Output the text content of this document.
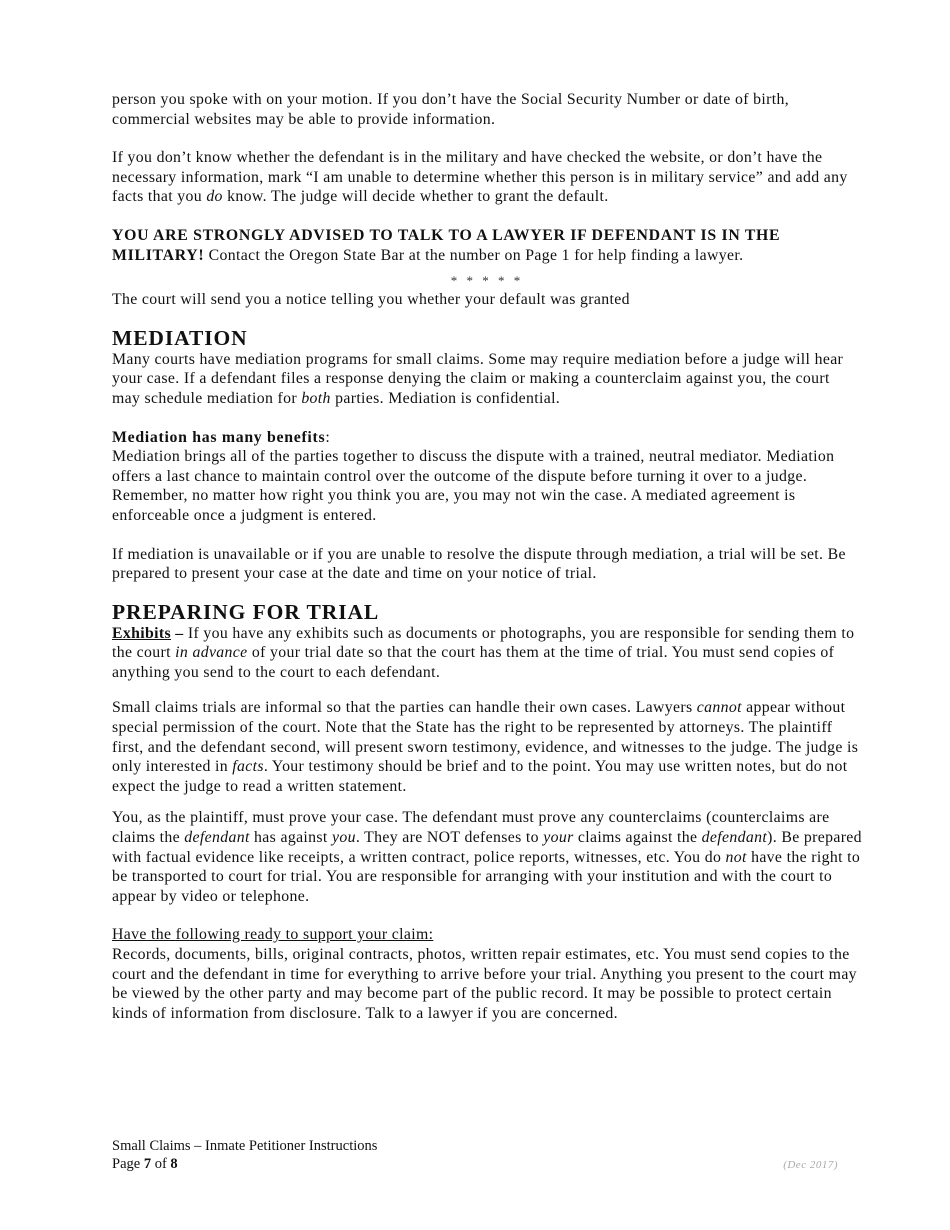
person you spoke with on your motion. If you don’t have the Social Security Number or date of birth, commercial websites may be able to provide information.

If you don’t know whether the defendant is in the military and have checked the website, or don’t have the necessary information, mark “I am unable to determine whether this person is in military service” and add any facts that you do know. The judge will decide whether to grant the default.

YOU ARE STRONGLY ADVISED TO TALK TO A LAWYER IF DEFENDANT IS IN THE MILITARY! Contact the Oregon State Bar at the number on Page 1 for help finding a lawyer.

* * * * *

The court will send you a notice telling you whether your default was granted

MEDIATION

Many courts have mediation programs for small claims. Some may require mediation before a judge will hear your case. If a defendant files a response denying the claim or making a counterclaim against you, the court may schedule mediation for both parties. Mediation is confidential.

Mediation has many benefits:

Mediation brings all of the parties together to discuss the dispute with a trained, neutral mediator. Mediation offers a last chance to maintain control over the outcome of the dispute before turning it over to a judge. Remember, no matter how right you think you are, you may not win the case. A mediated agreement is enforceable once a judgment is entered.

If mediation is unavailable or if you are unable to resolve the dispute through mediation, a trial will be set. Be prepared to present your case at the date and time on your notice of trial.

PREPARING FOR TRIAL

Exhibits – If you have any exhibits such as documents or photographs, you are responsible for sending them to the court in advance of your trial date so that the court has them at the time of trial. You must send copies of anything you send to the court to each defendant.

Small claims trials are informal so that the parties can handle their own cases. Lawyers cannot appear without special permission of the court. Note that the State has the right to be represented by attorneys. The plaintiff first, and the defendant second, will present sworn testimony, evidence, and witnesses to the judge. The judge is only interested in facts. Your testimony should be brief and to the point. You may use written notes, but do not expect the judge to read a written statement.

You, as the plaintiff, must prove your case. The defendant must prove any counterclaims (counterclaims are claims the defendant has against you. They are NOT defenses to your claims against the defendant). Be prepared with factual evidence like receipts, a written contract, police reports, witnesses, etc. You do not have the right to be transported to court for trial. You are responsible for arranging with your institution and with the court to appear by video or telephone.

Have the following ready to support your claim:

Records, documents, bills, original contracts, photos, written repair estimates, etc. You must send copies to the court and the defendant in time for everything to arrive before your trial. Anything you present to the court may be viewed by the other party and may become part of the public record. It may be possible to protect certain kinds of information from disclosure. Talk to a lawyer if you are concerned.

Small Claims – Inmate Petitioner Instructions
Page 7 of 8	(Dec 2017)
